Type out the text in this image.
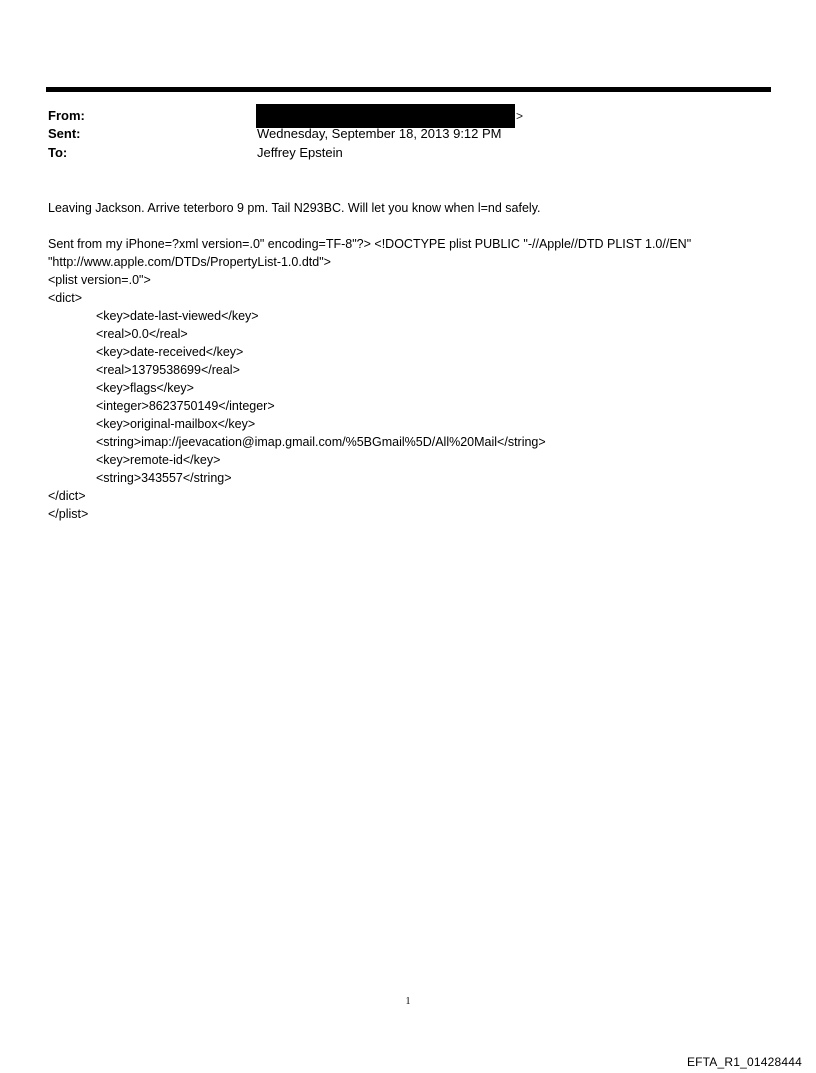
From:	>
Sent:	Wednesday, September 18, 2013 9:12 PM
To:	Jeffrey Epstein
Leaving Jackson. Arrive teterboro 9 pm. Tail N293BC. Will let you know when l=nd safely.
Sent from my iPhone=?xml version=.0" encoding=TF-8"?> <!DOCTYPE plist PUBLIC "-//Apple//DTD PLIST 1.0//EN"
"http://www.apple.com/DTDs/PropertyList-1.0.dtd">
<plist version=.0">
<dict>
<key>date-last-viewed</key>
<real>0.0</real>
<key>date-received</key>
<real>1379538699</real>
<key>flags</key>
<integer>8623750149</integer>
<key>original-mailbox</key>
<string>imap://jeevacation@imap.gmail.com/%5BGmail%5D/All%20Mail</string>
<key>remote-id</key>
<string>343557</string>
</dict>
</plist>
1
EFTA_R1_01428444
